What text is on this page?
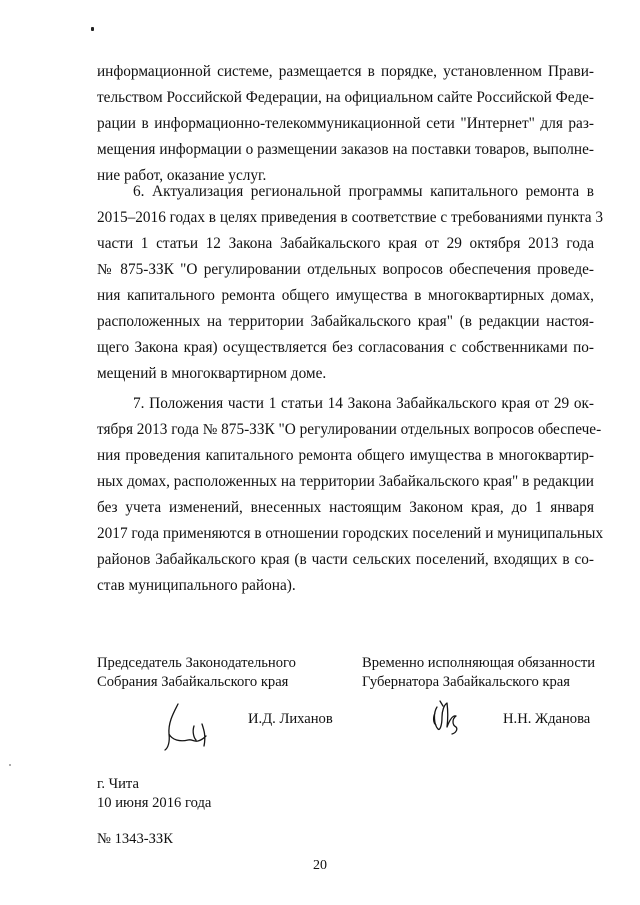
информационной системе, размещается в порядке, установленном Прави-
тельством Российской Федерации, на официальном сайте Российской Феде-
рации в информационно-телекоммуникационной сети "Интернет" для раз-
мещения информации о размещении заказов на поставки товаров, выполне-
ние работ, оказание услуг.
6. Актуализация региональной программы капитального ремонта в
2015–2016 годах в целях приведения в соответствие с требованиями пункта 3
части 1 статьи 12 Закона Забайкальского края от 29 октября 2013 года
№ 875-ЗЗК "О регулировании отдельных вопросов обеспечения проведе-
ния капитального ремонта общего имущества в многоквартирных домах,
расположенных на территории Забайкальского края" (в редакции настоя-
щего Закона края) осуществляется без согласования с собственниками по-
мещений в многоквартирном доме.
7. Положения части 1 статьи 14 Закона Забайкальского края от 29 ок-
тября 2013 года № 875-ЗЗК "О регулировании отдельных вопросов обеспече-
ния проведения капитального ремонта общего имущества в многоквартир-
ных домах, расположенных на территории Забайкальского края" в редакции
без учета изменений, внесенных настоящим Законом края, до 1 января
2017 года применяются в отношении городских поселений и муниципальных
районов Забайкальского края (в части сельских поселений, входящих в со-
став муниципального района).
Председатель Законодательного
Собрания Забайкальского края
И.Д. Лиханов
Временно исполняющая обязанности
Губернатора Забайкальского края
Н.Н. Жданова
г. Чита
10 июня 2016 года
№ 1343-ЗЗК
20
